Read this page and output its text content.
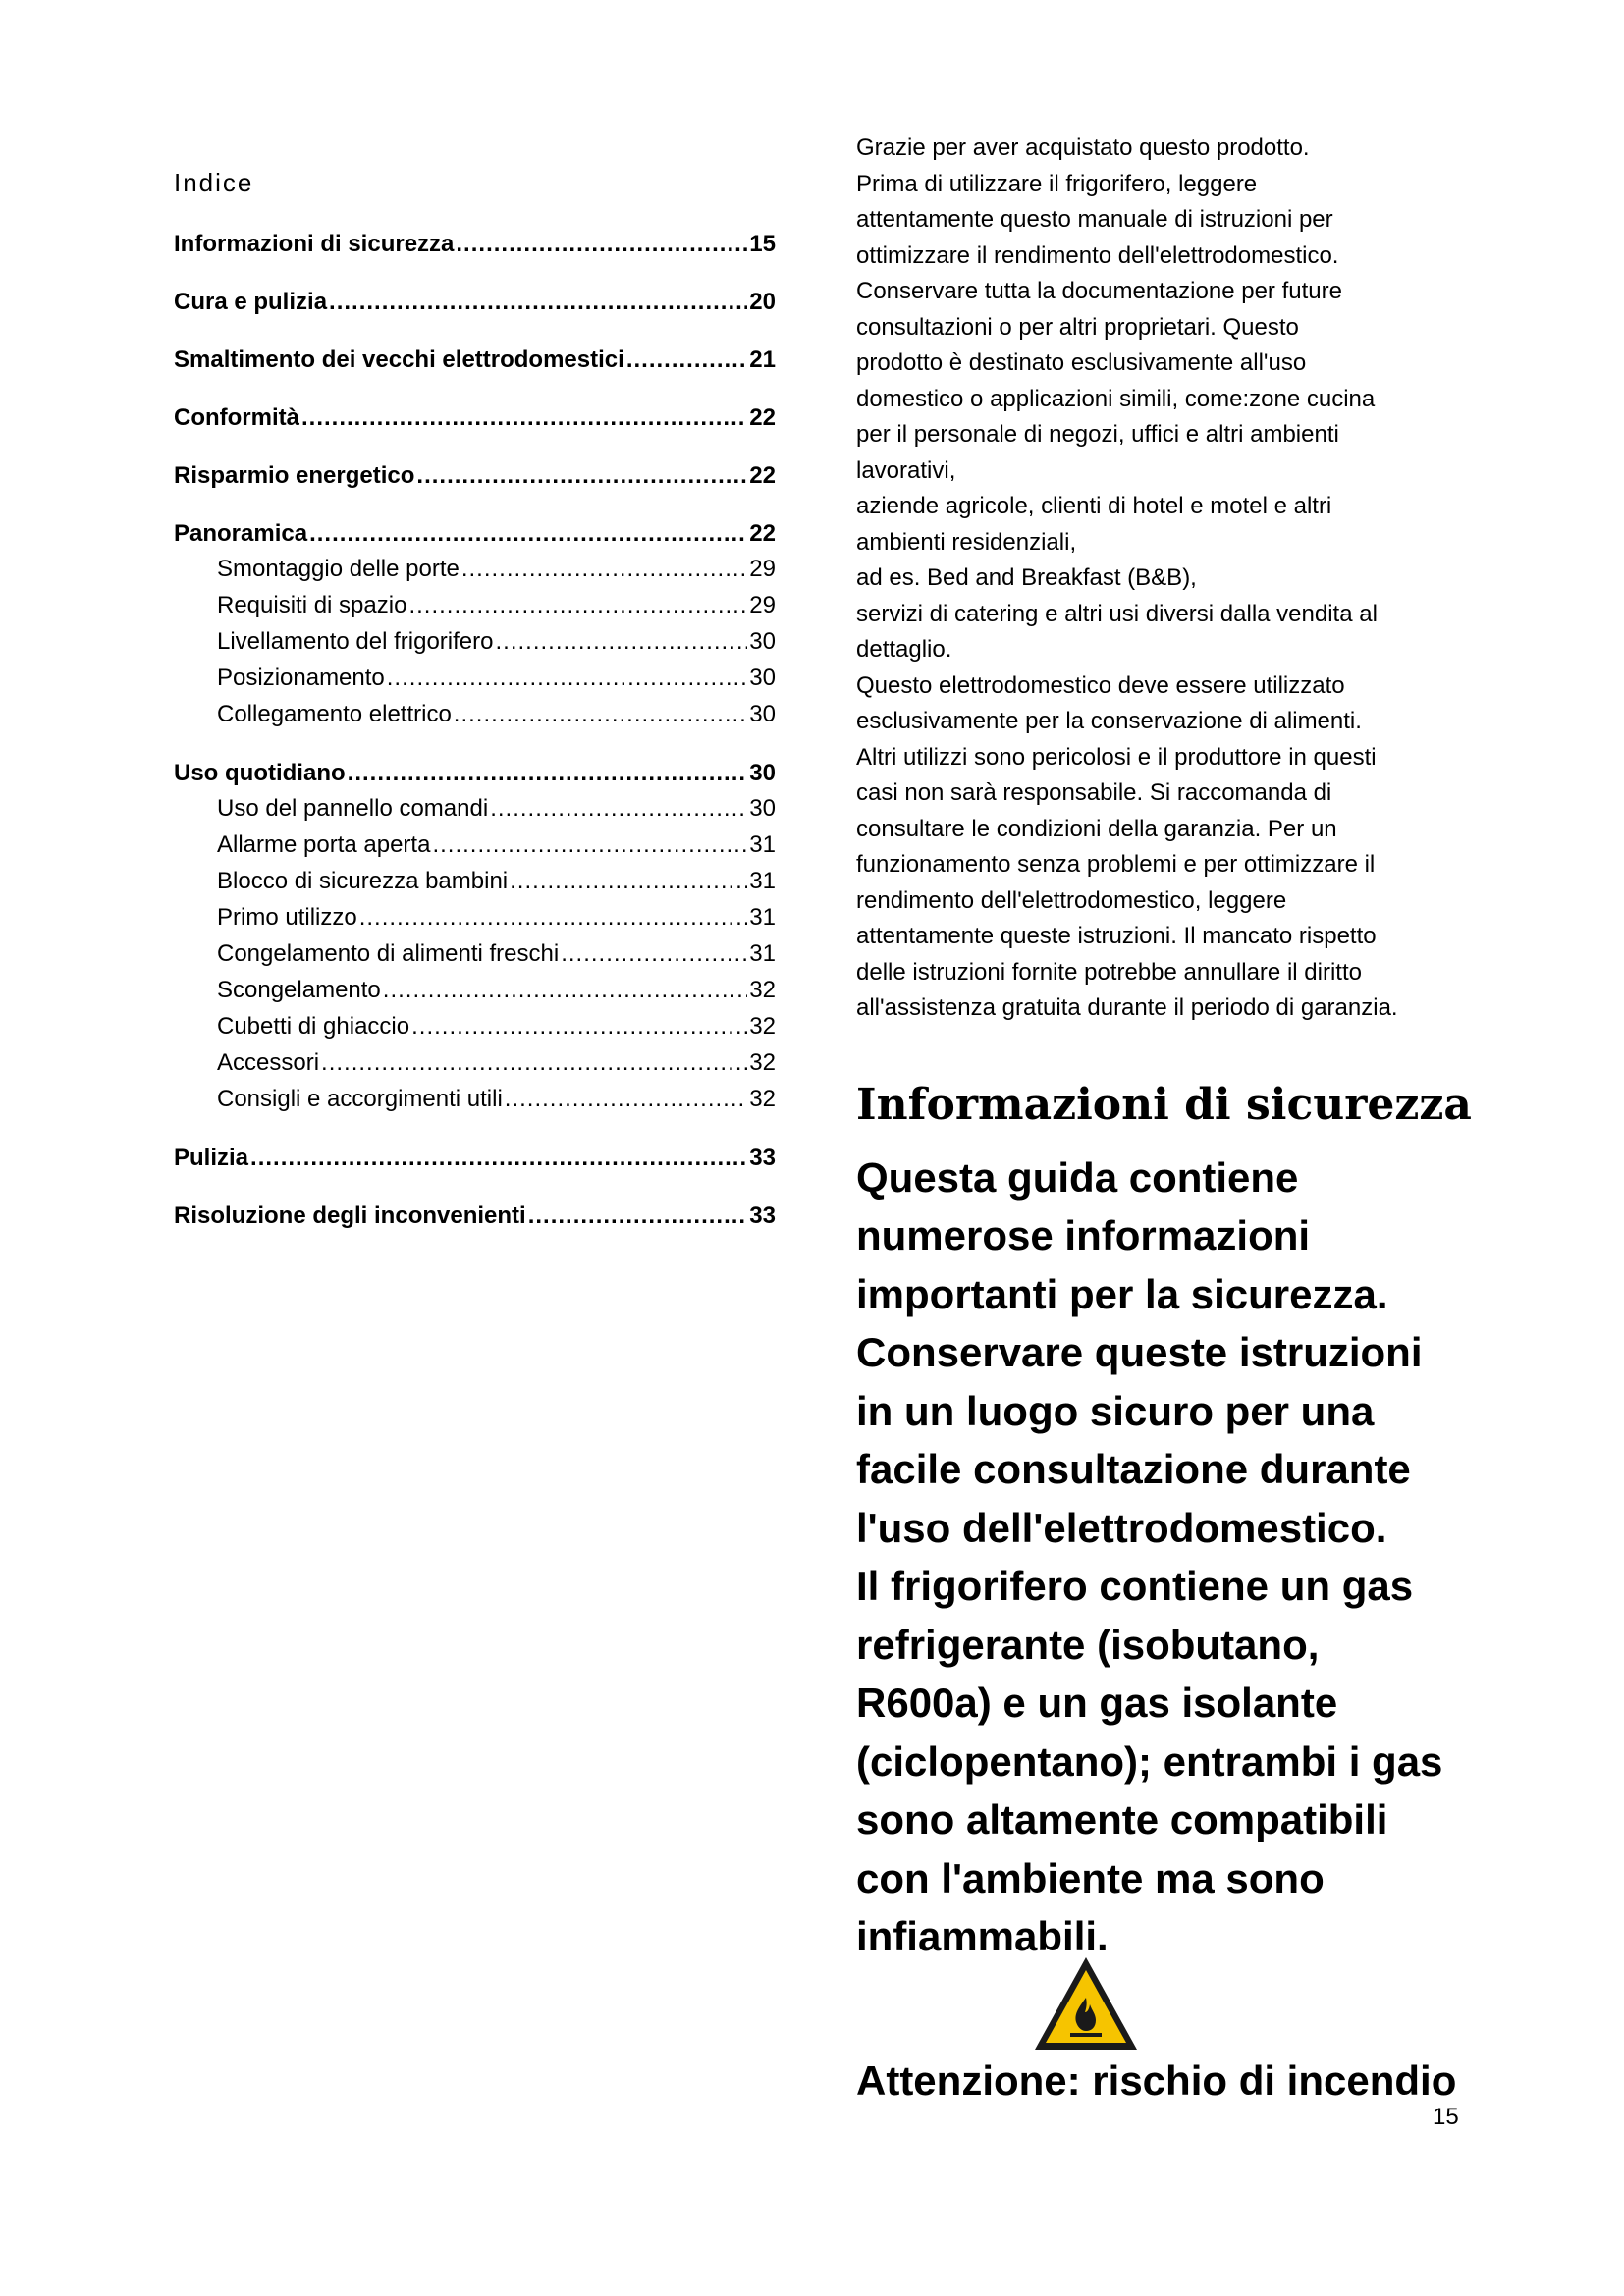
Indice
Informazioni di sicurezza .....	15
Cura e pulizia .....	20
Smaltimento dei vecchi elettrodomestici .....	21
Conformità .....	22
Risparmio energetico .....	22
Panoramica .....	22
Smontaggio delle porte .....	29
Requisiti di spazio .....	29
Livellamento del frigorifero .....	30
Posizionamento .....	30
Collegamento elettrico .....	30
Uso quotidiano .....	30
Uso del pannello comandi .....	30
Allarme porta aperta .....	31
Blocco di sicurezza bambini .....	31
Primo utilizzo .....	31
Congelamento di alimenti freschi .....	31
Scongelamento .....	32
Cubetti di ghiaccio .....	32
Accessori .....	32
Consigli e accorgimenti utili .....	32
Pulizia .....	33
Risoluzione degli inconvenienti .....	33

Grazie per aver acquistato questo prodotto.
Prima di utilizzare il frigorifero, leggere
attentamente questo manuale di istruzioni per
ottimizzare il rendimento dell'elettrodomestico.
Conservare tutta la documentazione per future
consultazioni o per altri proprietari. Questo
prodotto è destinato esclusivamente all'uso
domestico o applicazioni simili, come:zone cucina
per il personale di negozi, uffici e altri ambienti
lavorativi,
aziende agricole, clienti di hotel e motel e altri
ambienti residenziali,
ad es. Bed and Breakfast (B&B),
servizi di catering e altri usi diversi dalla vendita al
dettaglio.
Questo elettrodomestico deve essere utilizzato
esclusivamente per la conservazione di alimenti.
Altri utilizzi sono pericolosi e il produttore in questi
casi non sarà responsabile. Si raccomanda di
consultare le condizioni della garanzia. Per un
funzionamento senza problemi e per ottimizzare il
rendimento dell'elettrodomestico, leggere
attentamente queste istruzioni. Il mancato rispetto
delle istruzioni fornite potrebbe annullare il diritto
all'assistenza gratuita durante il periodo di garanzia.

Informazioni di sicurezza

Questa guida contiene
numerose informazioni
importanti per la sicurezza.
Conservare queste istruzioni
in un luogo sicuro per una
facile consultazione durante
l'uso dell'elettrodomestico.
Il frigorifero contiene un gas
refrigerante (isobutano,
R600a) e un gas isolante
(ciclopentano); entrambi i gas
sono altamente compatibili
con l'ambiente ma sono
infiammabili.

Attenzione: rischio di incendio
15
